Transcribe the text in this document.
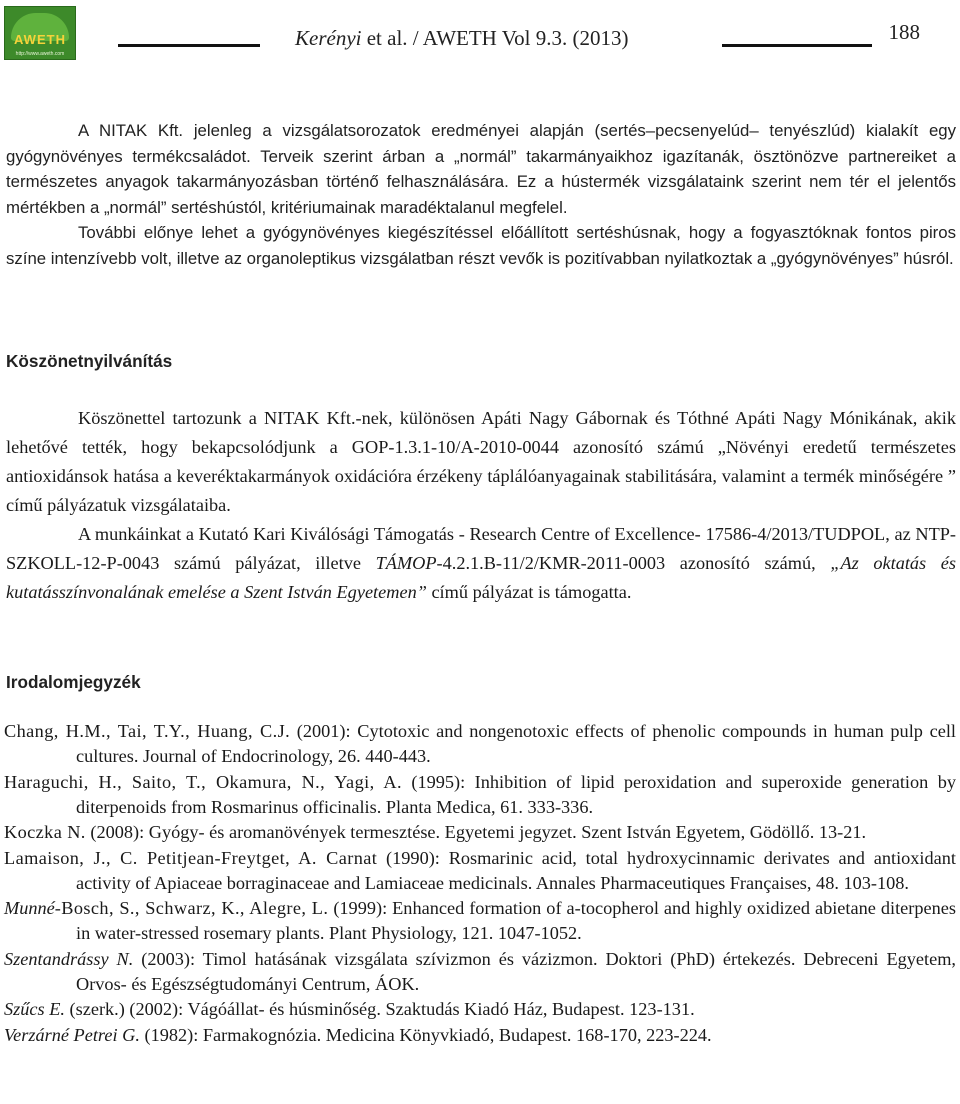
AWETH
http://www.aweth.com
Kerényi et al. / AWETH Vol 9.3. (2013)	188

A NITAK Kft. jelenleg a vizsgálatsorozatok eredményei alapján (sertés–pecsenyelúd– tenyészlúd) kialakít egy gyógynövényes termékcsaládot. Terveik szerint árban a „normál” takarmányaikhoz igazítanák, ösztönözve partnereiket a természetes anyagok takarmányozásban történő felhasználására. Ez a hústermék vizsgálataink szerint nem tér el jelentős mértékben a „normál” sertéshústól, kritériumainak maradéktalanul megfelel.

További előnye lehet a gyógynövényes kiegészítéssel előállított sertéshúsnak, hogy a fogyasztóknak fontos piros színe intenzívebb volt, illetve az organoleptikus vizsgálatban részt vevők is pozitívabban nyilatkoztak a „gyógynövényes” húsról.

Köszönetnyilvánítás

Köszönettel tartozunk a NITAK Kft.-nek, különösen Apáti Nagy Gábornak és Tóthné Apáti Nagy Mónikának, akik lehetővé tették, hogy bekapcsolódjunk a GOP-1.3.1-10/A-2010-0044 azonosító számú „Növényi eredetű természetes antioxidánsok hatása a keveréktakarmányok oxidációra érzékeny táplálóanyagainak stabilitására, valamint a termék minőségére ” című pályázatuk vizsgálataiba.

A munkáinkat a Kutató Kari Kiválósági Támogatás - Research Centre of Excellence- 17586-4/2013/TUDPOL, az NTP-SZKOLL-12-P-0043 számú pályázat, illetve TÁMOP-4.2.1.B-11/2/KMR-2011-0003 azonosító számú, „Az oktatás és kutatásszínvonalának emelése a Szent István Egyetemen” című pályázat is támogatta.

Irodalomjegyzék

Chang, H.M., Tai, T.Y., Huang, C.J. (2001): Cytotoxic and nongenotoxic effects of phenolic compounds in human pulp cell cultures. Journal of Endocrinology, 26. 440-443.

Haraguchi, H., Saito, T., Okamura, N., Yagi, A. (1995): Inhibition of lipid peroxidation and superoxide generation by diterpenoids from Rosmarinus officinalis. Planta Medica, 61. 333-336.

Koczka N. (2008): Gyógy- és aromanövények termesztése. Egyetemi jegyzet. Szent István Egyetem, Gödöllő. 13-21.

Lamaison, J., C. Petitjean-Freytget, A. Carnat (1990): Rosmarinic acid, total hydroxycinnamic derivates and antioxidant activity of Apiaceae borraginaceae and Lamiaceae medicinals. Annales Pharmaceutiques Françaises, 48. 103-108.

Munné-Bosch, S., Schwarz, K., Alegre, L. (1999): Enhanced formation of a-tocopherol and highly oxidized abietane diterpenes in water-stressed rosemary plants. Plant Physiology, 121. 1047-1052.

Szentandrássy N. (2003): Timol hatásának vizsgálata szívizmon és vázizmon. Doktori (PhD) értekezés. Debreceni Egyetem, Orvos- és Egészségtudományi Centrum, ÁOK.

Szűcs E. (szerk.) (2002): Vágóállat- és húsminőség. Szaktudás Kiadó Ház, Budapest. 123-131.

Verzárné Petrei G. (1982): Farmakognózia. Medicina Könyvkiadó, Budapest. 168-170, 223-224.
